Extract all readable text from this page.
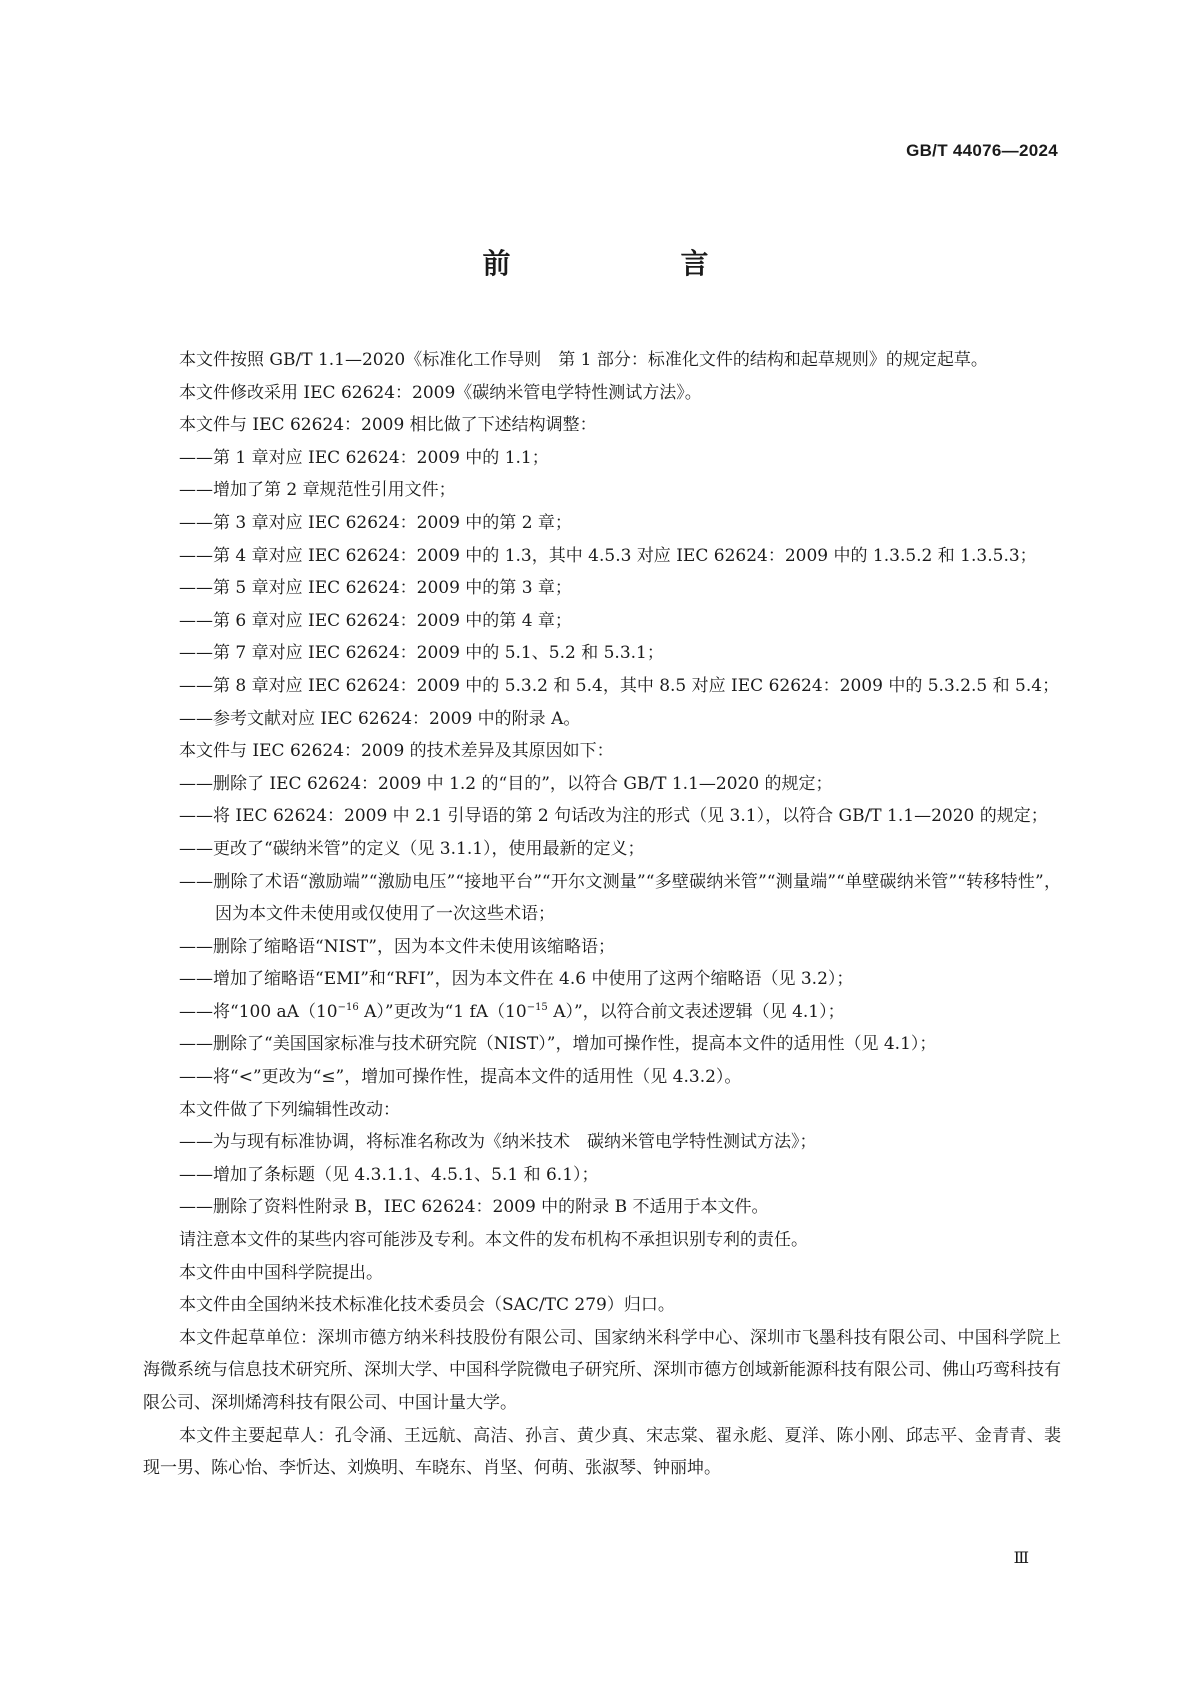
GB/T 44076—2024
前　　言

本文件按照 GB/T 1.1—2020《标准化工作导则　第 1 部分：标准化文件的结构和起草规则》的规定起草。

本文件修改采用 IEC 62624：2009《碳纳米管电学特性测试方法》。

本文件与 IEC 62624：2009 相比做了下述结构调整：

——第 1 章对应 IEC 62624：2009 中的 1.1；

——增加了第 2 章规范性引用文件；

——第 3 章对应 IEC 62624：2009 中的第 2 章；

——第 4 章对应 IEC 62624：2009 中的 1.3，其中 4.5.3 对应 IEC 62624：2009 中的 1.3.5.2 和 1.3.5.3；

——第 5 章对应 IEC 62624：2009 中的第 3 章；

——第 6 章对应 IEC 62624：2009 中的第 4 章；

——第 7 章对应 IEC 62624：2009 中的 5.1、5.2 和 5.3.1；

——第 8 章对应 IEC 62624：2009 中的 5.3.2 和 5.4，其中 8.5 对应 IEC 62624：2009 中的 5.3.2.5 和 5.4；

——参考文献对应 IEC 62624：2009 中的附录 A。

本文件与 IEC 62624：2009 的技术差异及其原因如下：

——删除了 IEC 62624：2009 中 1.2 的“目的”，以符合 GB/T 1.1—2020 的规定；

——将 IEC 62624：2009 中 2.1 引导语的第 2 句话改为注的形式（见 3.1），以符合 GB/T 1.1—2020 的规定；

——更改了“碳纳米管”的定义（见 3.1.1），使用最新的定义；

——删除了术语“激励端”“激励电压”“接地平台”“开尔文测量”“多壁碳纳米管”“测量端”“单壁碳纳米管”“转移特性”，因为本文件未使用或仅使用了一次这些术语；

——删除了缩略语“NIST”，因为本文件未使用该缩略语；

——增加了缩略语“EMI”和“RFI”，因为本文件在 4.6 中使用了这两个缩略语（见 3.2）；

——将“100 $aA(10^{-16}$ A）”更改为“1 $fA(10^{-15}$ A）”，以符合前文表述逻辑（见 4.1）；

——删除了“美国国家标准与技术研究院（NIST）”，增加可操作性，提高本文件的适用性（见 4.1）；

——将“<”更改为“≤”，增加可操作性，提高本文件的适用性（见 4.3.2）。

本文件做了下列编辑性改动：

——为与现有标准协调，将标准名称改为《纳米技术　碳纳米管电学特性测试方法》；

——增加了条标题（见 4.3.1.1、4.5.1、5.1 和 6.1）；

——删除了资料性附录 B，IEC 62624：2009 中的附录 B 不适用于本文件。

请注意本文件的某些内容可能涉及专利。本文件的发布机构不承担识别专利的责任。

本文件由中国科学院提出。

本文件由全国纳米技术标准化技术委员会（SAC/TC 279）归口。

本文件起草单位：深圳市德方纳米科技股份有限公司、国家纳米科学中心、深圳市飞墨科技有限公司、中国科学院上海微系统与信息技术研究所、深圳大学、中国科学院微电子研究所、深圳市德方创域新能源科技有限公司、佛山巧鸾科技有限公司、深圳烯湾科技有限公司、中国计量大学。

本文件主要起草人：孔令涌、王远航、高洁、孙言、黄少真、宋志棠、翟永彪、夏洋、陈小刚、邱志平、金青青、裴现一男、陈心怡、李忻达、刘焕明、车晓东、肖坚、何萌、张淑琴、钟丽坤。

Ⅲ
